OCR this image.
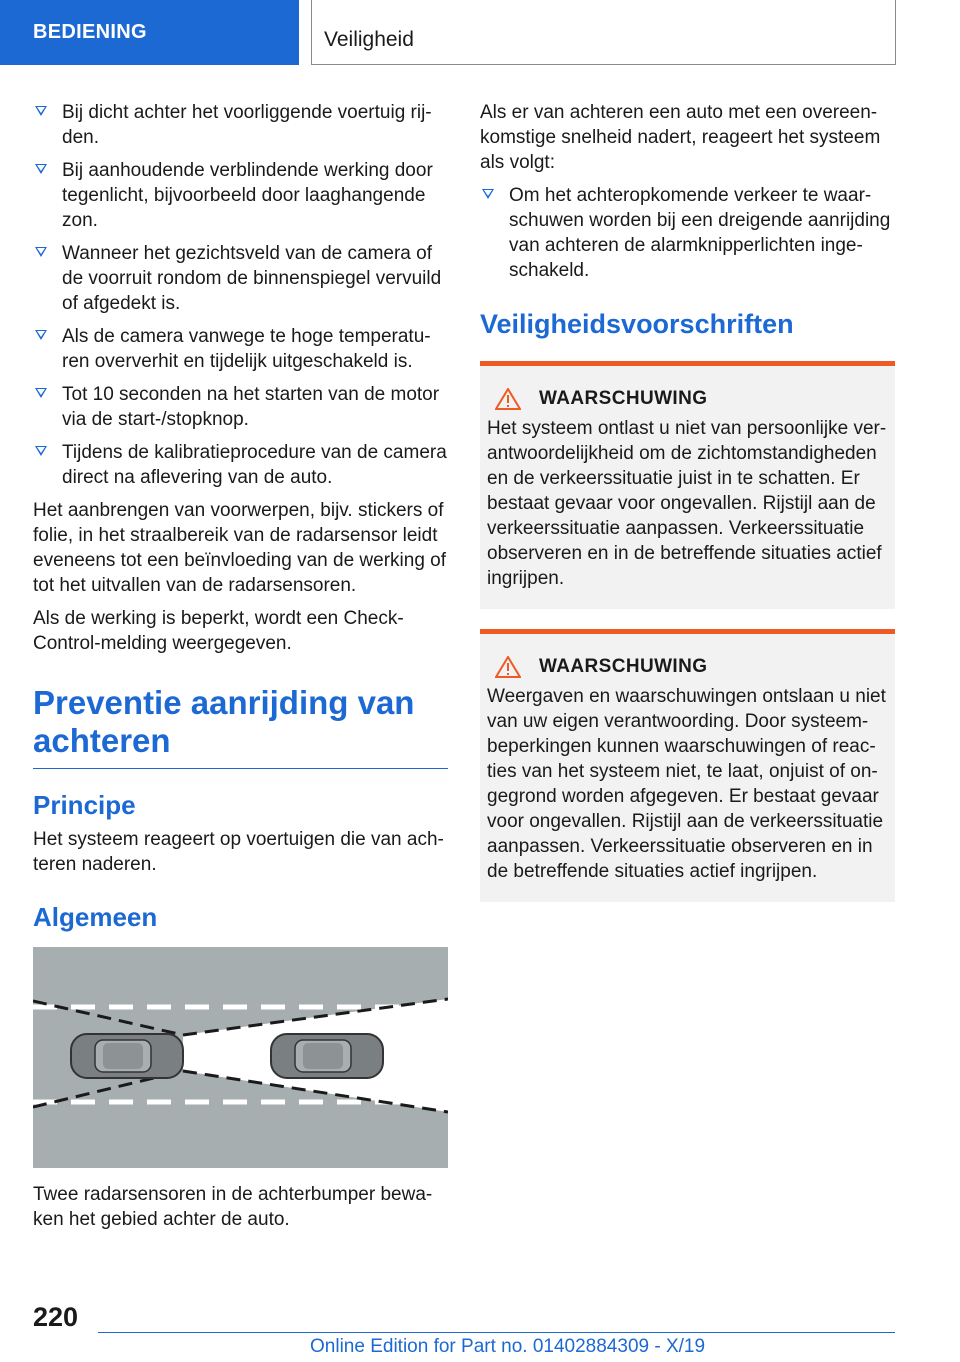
BEDIENING	Veiligheid
Bij dicht achter het voorliggende voertuig rij-den.
Bij aanhoudende verblindende werking door tegenlicht, bijvoorbeeld door laaghangende zon.
Wanneer het gezichtsveld van de camera of de voorruit rondom de binnenspiegel vervuild of afgedekt is.
Als de camera vanwege te hoge temperatu-ren oververhit en tijdelijk uitgeschakeld is.
Tot 10 seconden na het starten van de motor via de start-/stopknop.
Tijdens de kalibratieprocedure van de camera direct na aflevering van de auto.

Het aanbrengen van voorwerpen, bijv. stickers of folie, in het straalbereik van de radarsensor leidt eveneens tot een beïnvloeding van de werking of tot het uitvallen van de radarsensoren.

Als de werking is beperkt, wordt een Check-Control-melding weergegeven.

Preventie aanrijding van achteren
Principe

Het systeem reageert op voertuigen die van ach-teren naderen.

Algemeen

Twee radarsensoren in de achterbumper bewa-ken het gebied achter de auto.

Als er van achteren een auto met een overeen-komstige snelheid nadert, reageert het systeem als volgt:

Om het achteropkomende verkeer te waar-schuwen worden bij een dreigende aanrijding van achteren de alarmknipperlichten inge-schakeld.
Veiligheidsvoorschriften
WAARSCHUWING

Het systeem ontlast u niet van persoonlijke ver-antwoordelijkheid om de zichtomstandigheden en de verkeerssituatie juist in te schatten. Er bestaat gevaar voor ongevallen. Rijstijl aan de verkeerssituatie aanpassen. Verkeerssituatie observeren en in de betreffende situaties actief ingrijpen.

WAARSCHUWING

Weergaven en waarschuwingen ontslaan u niet van uw eigen verantwoording. Door systeem-beperkingen kunnen waarschuwingen of reac-ties van het systeem niet, te laat, onjuist of on-gegrond worden afgegeven. Er bestaat gevaar voor ongevallen. Rijstijl aan de verkeerssituatie aanpassen. Verkeerssituatie observeren en in de betreffende situaties actief ingrijpen.

220
Online Edition for Part no. 01402884309 - X/19
